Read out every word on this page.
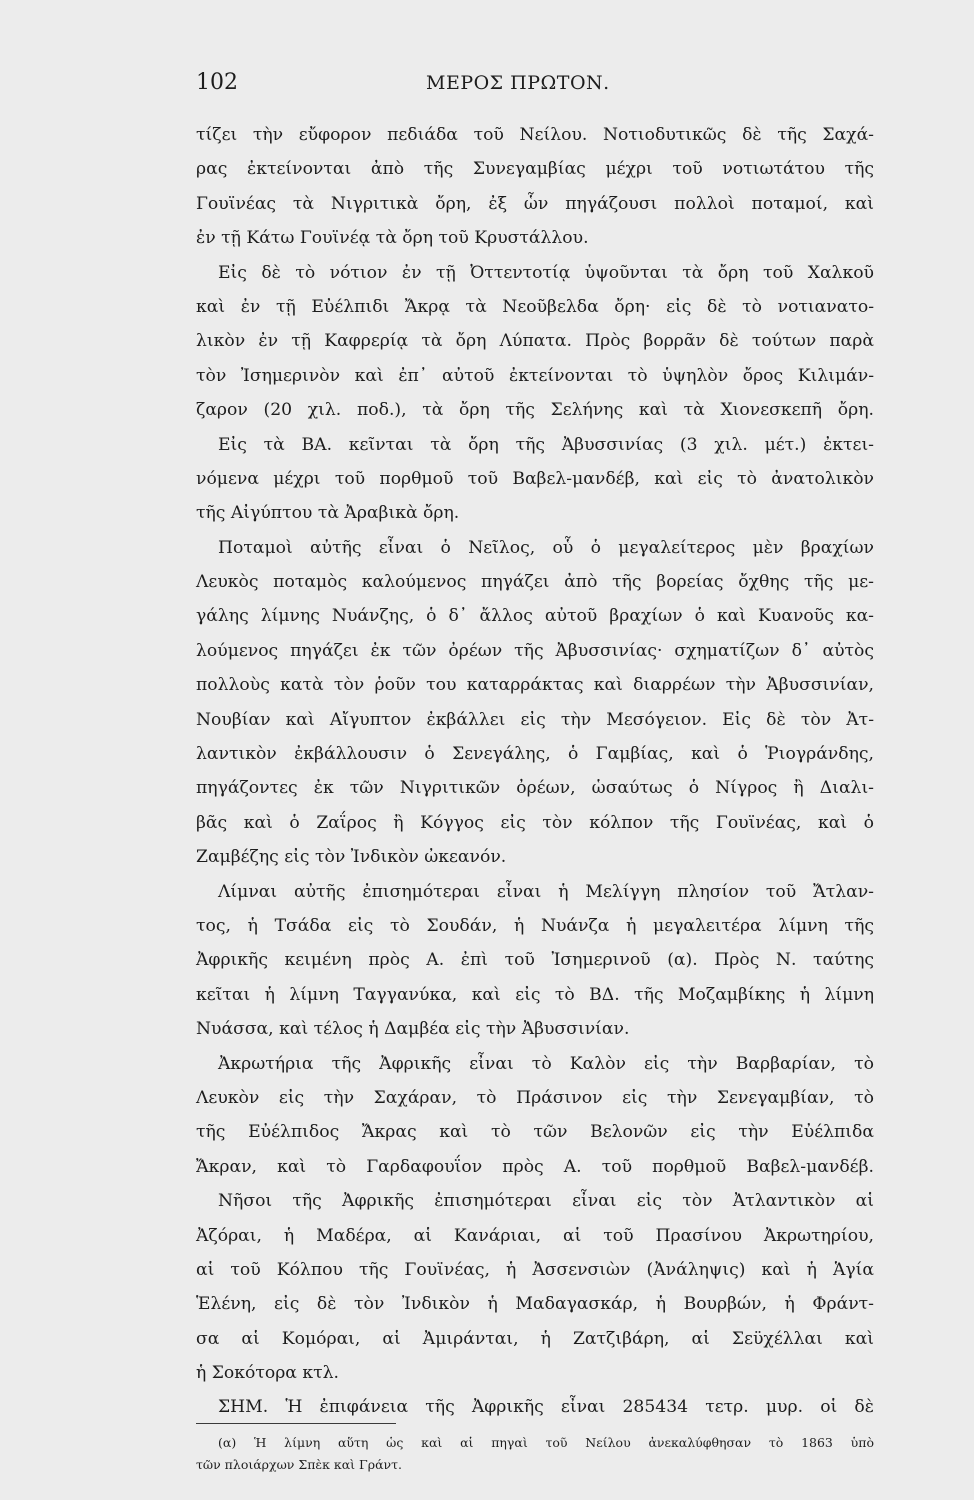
102	ΜΕΡΟΣ ΠΡΩΤΟΝ.
τίζει τὴν εὔφορον πεδιάδα τοῦ Νείλου. Νοτιοδυτικῶς δὲ τῆς Σαχά-
ρας ἐκτείνονται ἀπὸ τῆς Συνεγαμβίας μέχρι τοῦ νοτιωτάτου τῆς
Γουϊνέας τὰ Νιγριτικὰ ὄρη, ἐξ ὧν πηγάζουσι πολλοὶ ποταμοί, καὶ
ἐν τῇ Κάτω Γουϊνέᾳ τὰ ὄρη τοῦ Κρυστάλλου.
Εἰς δὲ τὸ νότιον ἐν τῇ Ὀττεντοτίᾳ ὑψοῦνται τὰ ὄρη τοῦ Χαλκοῦ
καὶ ἐν τῇ Εὐέλπιδι Ἄκρᾳ τὰ Νεοῦβελδα ὄρη· εἰς δὲ τὸ νοτιανατο-
λικὸν ἐν τῇ Καφρερίᾳ τὰ ὄρη Λύπατα. Πρὸς βορρᾶν δὲ τούτων παρὰ
τὸν Ἰσημερινὸν καὶ ἐπ᾽ αὐτοῦ ἐκτείνονται τὸ ὑψηλὸν ὄρος Κιλιμάν-
ζαρον (20 χιλ. ποδ.), τὰ ὄρη τῆς Σελήνης καὶ τὰ Χιονεσκεπῆ ὄρη.
Εἰς τὰ ΒΑ. κεῖνται τὰ ὄρη τῆς Ἀβυσσινίας (3 χιλ. μέτ.) ἐκτει-
νόμενα μέχρι τοῦ πορθμοῦ τοῦ Βαβελ-μανδέβ, καὶ εἰς τὸ ἀνατολικὸν
τῆς Αἰγύπτου τὰ Ἀραβικὰ ὄρη.
Ποταμοὶ αὐτῆς εἶναι ὁ Νεῖλος, οὗ ὁ μεγαλείτερος μὲν βραχίων
Λευκὸς ποταμὸς καλούμενος πηγάζει ἀπὸ τῆς βορείας ὄχθης τῆς με-
γάλης λίμνης Νυάνζης, ὁ δ᾽ ἄλλος αὐτοῦ βραχίων ὁ καὶ Κυανοῦς κα-
λούμενος πηγάζει ἐκ τῶν ὀρέων τῆς Ἀβυσσινίας· σχηματίζων δ᾽ αὐτὸς
πολλοὺς κατὰ τὸν ῥοῦν του καταρράκτας καὶ διαρρέων τὴν Ἀβυσσινίαν,
Νουβίαν καὶ Αἴγυπτον ἐκβάλλει εἰς τὴν Μεσόγειον. Εἰς δὲ τὸν Ἀτ-
λαντικὸν ἐκβάλλουσιν ὁ Σενεγάλης, ὁ Γαμβίας, καὶ ὁ Ῥιογράνδης,
πηγάζοντες ἐκ τῶν Νιγριτικῶν ὀρέων, ὡσαύτως ὁ Νίγρος ἢ Διαλι-
βᾶς καὶ ὁ Ζαΐρος ἢ Κόγγος εἰς τὸν κόλπον τῆς Γουϊνέας, καὶ ὁ
Ζαμβέζης εἰς τὸν Ἰνδικὸν ὠκεανόν.
Λίμναι αὐτῆς ἐπισημότεραι εἶναι ἡ Μελίγγη πλησίον τοῦ Ἄτλαν-
τος, ἡ Τσάδα εἰς τὸ Σουδάν, ἡ Νυάνζα ἡ μεγαλειτέρα λίμνη τῆς
Ἀφρικῆς κειμένη πρὸς Α. ἐπὶ τοῦ Ἰσημερινοῦ (α). Πρὸς Ν. ταύτης
κεῖται ἡ λίμνη Ταγγανύκα, καὶ εἰς τὸ ΒΔ. τῆς Μοζαμβίκης ἡ λίμνη
Νυάσσα, καὶ τέλος ἡ Δαμβέα εἰς τὴν Ἀβυσσινίαν.
Ἀκρωτήρια τῆς Ἀφρικῆς εἶναι τὸ Καλὸν εἰς τὴν Βαρβαρίαν, τὸ
Λευκὸν εἰς τὴν Σαχάραν, τὸ Πράσινον εἰς τὴν Σενεγαμβίαν, τὸ
τῆς Εὐέλπιδος Ἄκρας καὶ τὸ τῶν Βελονῶν εἰς τὴν Εὐέλπιδα
Ἄκραν, καὶ τὸ Γαρδαφουΐον πρὸς Α. τοῦ πορθμοῦ Βαβελ-μανδέβ.
Νῆσοι τῆς Ἀφρικῆς ἐπισημότεραι εἶναι εἰς τὸν Ἀτλαντικὸν αἱ
Ἀζόραι, ἡ Μαδέρα, αἱ Κανάριαι, αἱ τοῦ Πρασίνου Ἀκρωτηρίου,
αἱ τοῦ Κόλπου τῆς Γουϊνέας, ἡ Ἀσσενσιὼν (Ἀνάληψις) καὶ ἡ Ἁγία
Ἑλένη, εἰς δὲ τὸν Ἰνδικὸν ἡ Μαδαγασκάρ, ἡ Βουρβών, ἡ Φράντ-
σα αἱ Κομόραι, αἱ Ἀμιράνται, ἡ Ζατζιβάρη, αἱ Σεϋχέλλαι καὶ
ἡ Σοκότορα κτλ.
ΣΗΜ. Ἡ ἐπιφάνεια τῆς Ἀφρικῆς εἶναι 285434 τετρ. μυρ. οἱ δὲ
(α) Ἡ λίμνη αὕτη ὡς καὶ αἱ πηγαὶ τοῦ Νείλου ἀνεκαλύφθησαν τὸ 1863 ὑπὸ
τῶν πλοιάρχων Σπὲκ καὶ Γράντ.
